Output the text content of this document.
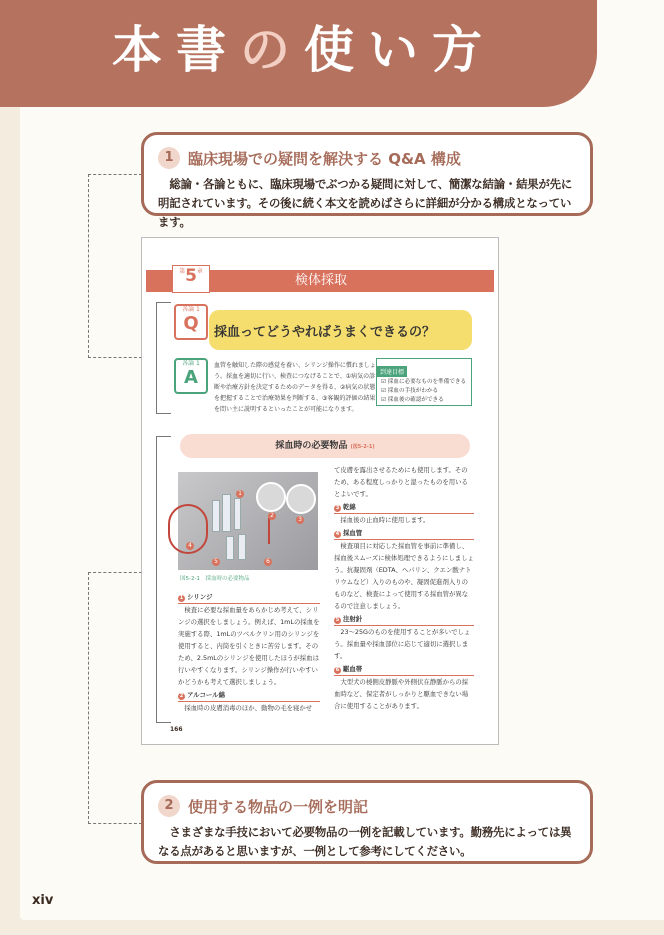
本書の使い方
1 臨床現場での疑問を解決する Q&A 構成
総論・各論ともに、臨床現場でぶつかる疑問に対して、簡潔な結論・結果が先に明記されています。その後に続く本文を読めばさらに詳細が分かる構成となっています。
$^第5^章$
検体採取
各論 1
Q	採血ってどうやればうまくできるの？
各論 1
A
血管を触知した際の感覚を養い、シリンジ操作に慣れましょう。採血を適切に行い、検査につなげることで、①病気の診断や治療方針を決定するためのデータを得る、②病気の状態を把握することで治療効果を判断する、③客観的評価の結果を問い主に説明するといったことが可能になります。
到達目標
☑ 採血に必要なものを準備できる
☑ 採血の手技がわかる
☑ 採血後の確認ができる
採血時の必要物品 (図5-2-1)
1
2
3
4
5	6
図5-2-1　採血時の必要物品
1 シリンジ
検査に必要な採血量をあらかじめ考えて、シリンジの選択をしましょう。例えば、1mLの採血を実施する際、1mLのツベルクリン用のシリンジを使用すると、内筒を引くときに苦労します。そのため、2.5mLのシリンジを使用したほうが採血は行いやすくなります。シリンジ操作が行いやすいかどうかも考えて選択しましょう。
2 アルコール綿
採血時の皮膚消毒のほか、動物の毛を寝かせ
て皮膚を露出させるためにも使用します。そのため、ある程度しっかりと湿ったものを用いるとよいです。
3 乾綿
採血後の止血時に使用します。
4 採血管
検査項目に対応した採血管を事前に準備し、採血後スムーズに検体処理できるようにしましょう。抗凝固剤（EDTA、ヘパリン、クエン酸ナトリウムなど）入りのものや、凝固促進剤入りのものなど、検査によって使用する採血管が異なるので注意しましょう。
5 注射針
23～25Gのものを使用することが多いでしょう。採血量や採血部位に応じて適切に選択します。
6 駆血帯
大型犬の橈側皮静脈や外側伏在静脈からの採血時など、保定者がしっかりと駆血できない場合に使用することがあります。
166
2 使用する物品の一例を明記
さまざまな手技において必要物品の一例を記載しています。勤務先によっては異なる点があると思いますが、一例として参考にしてください。
xiv
